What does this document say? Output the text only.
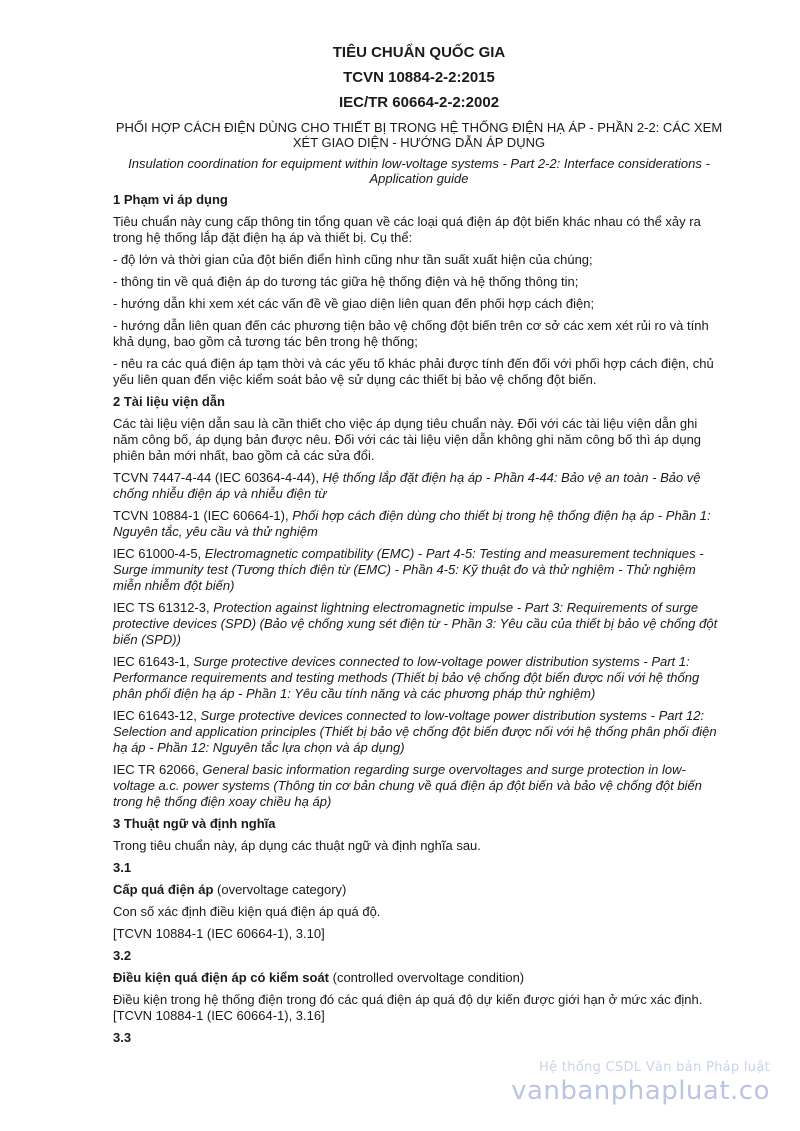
TIÊU CHUẨN QUỐC GIA
TCVN 10884-2-2:2015
IEC/TR 60664-2-2:2002
PHỐI HỢP CÁCH ĐIỆN DÙNG CHO THIẾT BỊ TRONG HỆ THỐNG ĐIỆN HẠ ÁP - PHẦN 2-2: CÁC XEM XÉT GIAO DIỆN - HƯỚNG DẪN ÁP DỤNG
Insulation coordination for equipment within low-voltage systems - Part 2-2: Interface considerations - Application guide
1 Phạm vi áp dụng

Tiêu chuẩn này cung cấp thông tin tổng quan về các loại quá điện áp đột biến khác nhau có thể xảy ra trong hệ thống lắp đặt điện hạ áp và thiết bị. Cụ thể:

- độ lớn và thời gian của đột biến điển hình cũng như tần suất xuất hiện của chúng;

- thông tin về quá điện áp do tương tác giữa hệ thống điện và hệ thống thông tin;

- hướng dẫn khi xem xét các vấn đề về giao diện liên quan đến phối hợp cách điện;

- hướng dẫn liên quan đến các phương tiện bảo vệ chống đột biến trên cơ sở các xem xét rủi ro và tính khả dụng, bao gồm cả tương tác bên trong hệ thống;

- nêu ra các quá điện áp tạm thời và các yếu tố khác phải được tính đến đối với phối hợp cách điện, chủ yếu liên quan đến việc kiểm soát bảo vệ sử dụng các thiết bị bảo vệ chống đột biến.

2 Tài liệu viện dẫn

Các tài liệu viện dẫn sau là cần thiết cho việc áp dụng tiêu chuẩn này. Đối với các tài liệu viện dẫn ghi năm công bố, áp dụng bản được nêu. Đối với các tài liệu viện dẫn không ghi năm công bố thì áp dụng phiên bản mới nhất, bao gồm cả các sửa đổi.

TCVN 7447-4-44 (IEC 60364-4-44), Hệ thống lắp đặt điện hạ áp - Phần 4-44: Bảo vệ an toàn - Bảo vệ chống nhiễu điện áp và nhiễu điện từ

TCVN 10884-1 (IEC 60664-1), Phối hợp cách điện dùng cho thiết bị trong hệ thống điện hạ áp - Phần 1: Nguyên tắc, yêu cầu và thử nghiệm

IEC 61000-4-5, Electromagnetic compatibility (EMC) - Part 4-5: Testing and measurement techniques - Surge immunity test (Tương thích điện từ (EMC) - Phần 4-5: Kỹ thuật đo và thử nghiệm - Thử nghiệm miễn nhiễm đột biến)

IEC TS 61312-3, Protection against lightning electromagnetic impulse - Part 3: Requirements of surge protective devices (SPD) (Bảo vệ chống xung sét điện từ - Phần 3: Yêu cầu của thiết bị bảo vệ chống đột biến (SPD))

IEC 61643-1, Surge protective devices connected to low-voltage power distribution systems - Part 1: Performance requirements and testing methods (Thiết bị bảo vệ chống đột biến được nối với hệ thống phân phối điện hạ áp - Phần 1: Yêu cầu tính năng và các phương pháp thử nghiệm)

IEC 61643-12, Surge protective devices connected to low-voltage power distribution systems - Part 12: Selection and application principles (Thiết bị bảo vệ chống đột biến được nối với hệ thống phân phối điện hạ áp - Phần 12: Nguyên tắc lựa chọn và áp dụng)

IEC TR 62066, General basic information regarding surge overvoltages and surge protection in low-voltage a.c. power systems (Thông tin cơ bản chung về quá điện áp đột biến và bảo vệ chống đột biến trong hệ thống điện xoay chiều hạ áp)

3 Thuật ngữ và định nghĩa

Trong tiêu chuẩn này, áp dụng các thuật ngữ và định nghĩa sau.

3.1

Cấp quá điện áp (overvoltage category)

Con số xác định điều kiện quá điện áp quá độ.

[TCVN 10884-1 (IEC 60664-1), 3.10]

3.2

Điều kiện quá điện áp có kiểm soát (controlled overvoltage condition)

Điều kiện trong hệ thống điện trong đó các quá điện áp quá độ dự kiến được giới hạn ở mức xác định.

[TCVN 10884-1 (IEC 60664-1), 3.16]

3.3
Hệ thống CSDL Văn bản Pháp luật
vanbanphapluat.co
